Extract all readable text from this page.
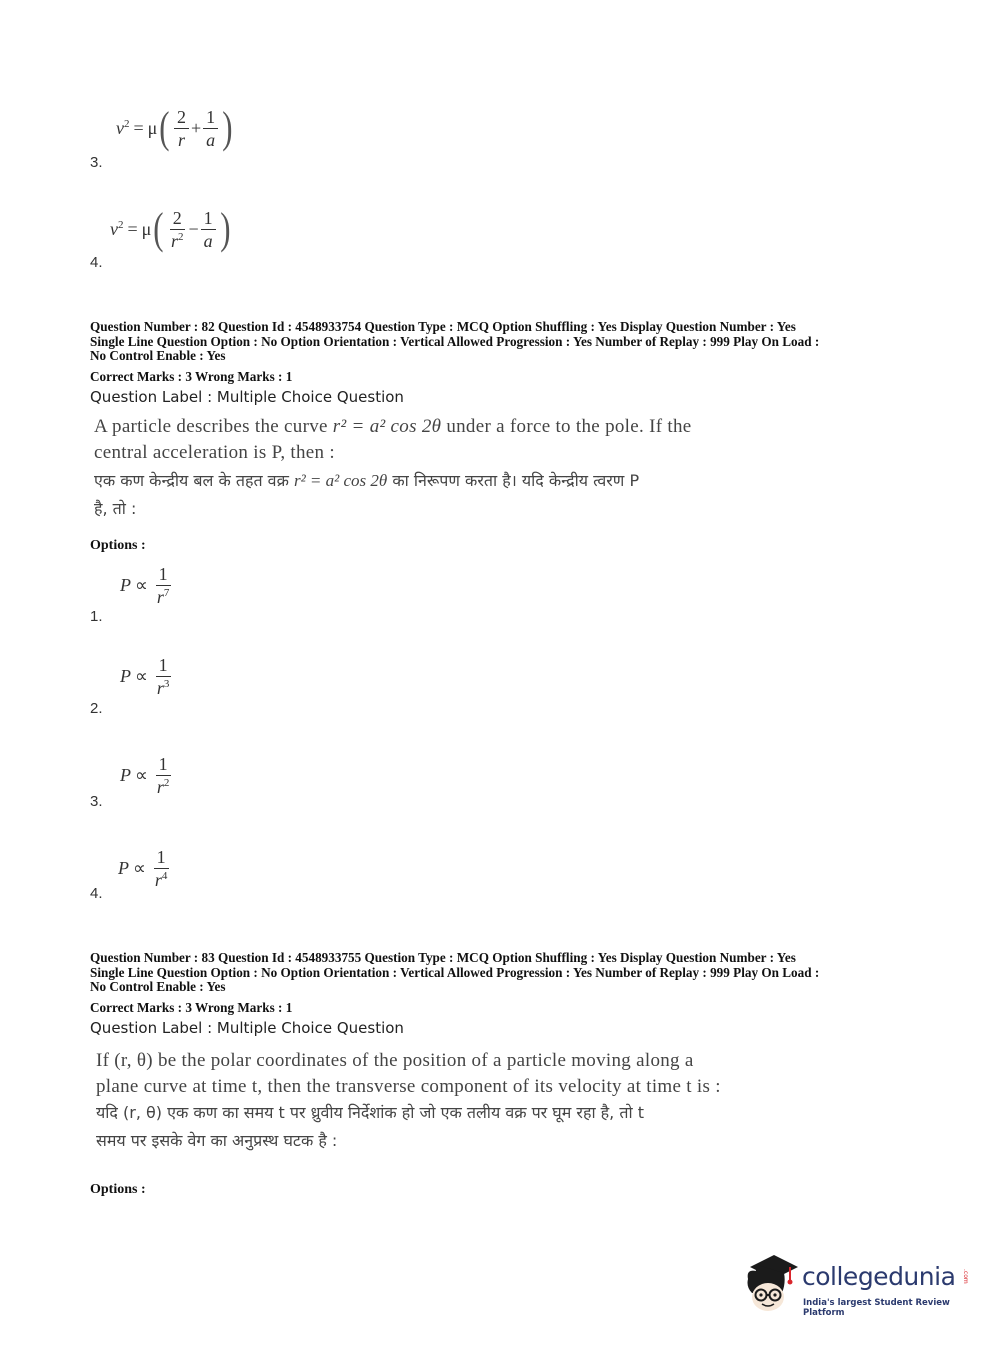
$v^2 = \mu$ ( $\frac{2}{r} + \frac{1}{a}$ )
3.
$v^2 = \mu$ ( $\frac{2}{r^2} - \frac{1}{a}$ )
4.
Question Number : 82 Question Id : 4548933754 Question Type : MCQ Option Shuffling : Yes Display Question Number : Yes
Single Line Question Option : No Option Orientation : Vertical Allowed Progression : Yes Number of Replay : 999 Play On Load :
No Control Enable : Yes
Correct Marks : 3 Wrong Marks : 1
Question Label : Multiple Choice Question
A particle describes the curve r² = a² cos 2θ under a force to the pole. If the
central acceleration is P, then :
एक कण केन्द्रीय बल के तहत वक्र r² = a² cos 2θ का निरूपण करता है। यदि केन्द्रीय त्वरण P
है, तो :
Options :
$P \propto \frac{1}{r^7}$
1.
$P \propto \frac{1}{r^3}$
2.
$P \propto \frac{1}{r^2}$
3.
$P \propto \frac{1}{r^4}$
4.
Question Number : 83 Question Id : 4548933755 Question Type : MCQ Option Shuffling : Yes Display Question Number : Yes
Single Line Question Option : No Option Orientation : Vertical Allowed Progression : Yes Number of Replay : 999 Play On Load :
No Control Enable : Yes
Correct Marks : 3 Wrong Marks : 1
Question Label : Multiple Choice Question
If (r, θ) be the polar coordinates of the position of a particle moving along a
plane curve at time t, then the transverse component of its velocity at time t is :
यदि (r, θ) एक कण का समय t पर ध्रुवीय निर्देशांक हो जो एक तलीय वक्र पर घूम रहा है, तो t
समय पर इसके वेग का अनुप्रस्थ घटक है :
Options :
collegedunia .com
India's largest Student Review Platform
